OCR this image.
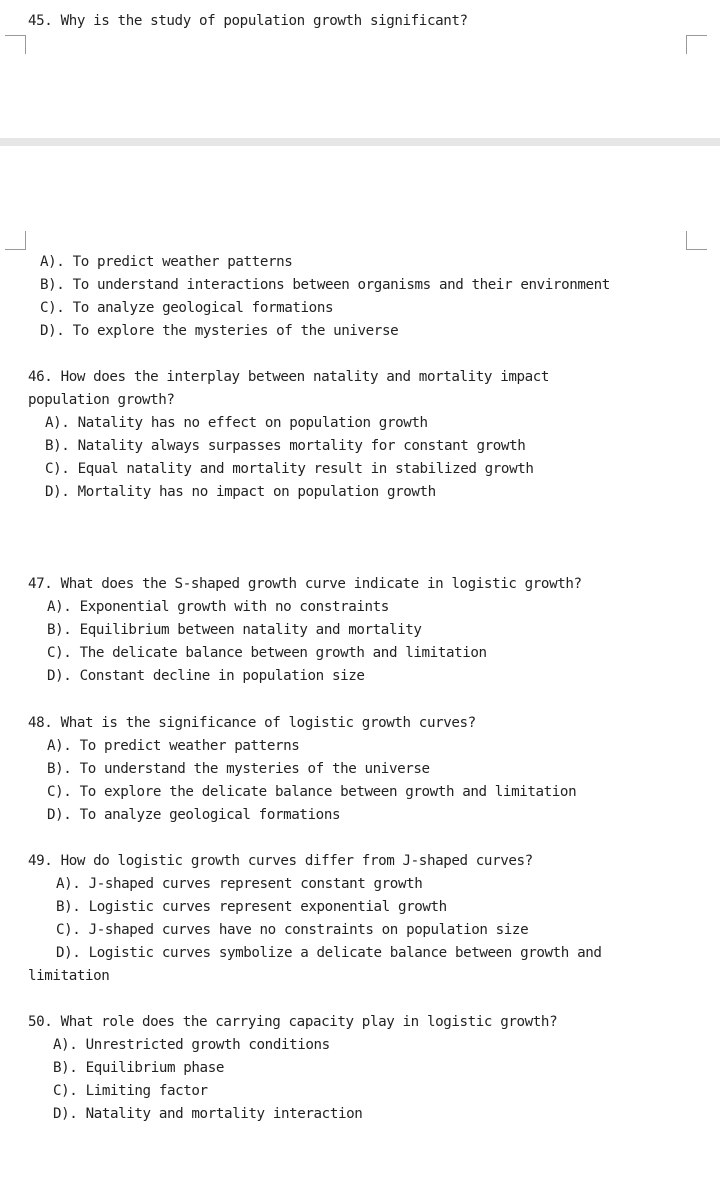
45. Why is the study of population growth significant?
A). To predict weather patterns
B). To understand interactions between organisms and their environment
C). To analyze geological formations
D). To explore the mysteries of the universe
46. How does the interplay between natality and mortality impact
population growth?
A). Natality has no effect on population growth
B). Natality always surpasses mortality for constant growth
C). Equal natality and mortality result in stabilized growth
D). Mortality has no impact on population growth
47. What does the S-shaped growth curve indicate in logistic growth?
A). Exponential growth with no constraints
B). Equilibrium between natality and mortality
C). The delicate balance between growth and limitation
D). Constant decline in population size
48. What is the significance of logistic growth curves?
A). To predict weather patterns
B). To understand the mysteries of the universe
C). To explore the delicate balance between growth and limitation
D). To analyze geological formations
49. How do logistic growth curves differ from J-shaped curves?
A). J-shaped curves represent constant growth
B). Logistic curves represent exponential growth
C). J-shaped curves have no constraints on population size
D). Logistic curves symbolize a delicate balance between growth and
limitation
50. What role does the carrying capacity play in logistic growth?
A). Unrestricted growth conditions
B). Equilibrium phase
C). Limiting factor
D). Natality and mortality interaction
